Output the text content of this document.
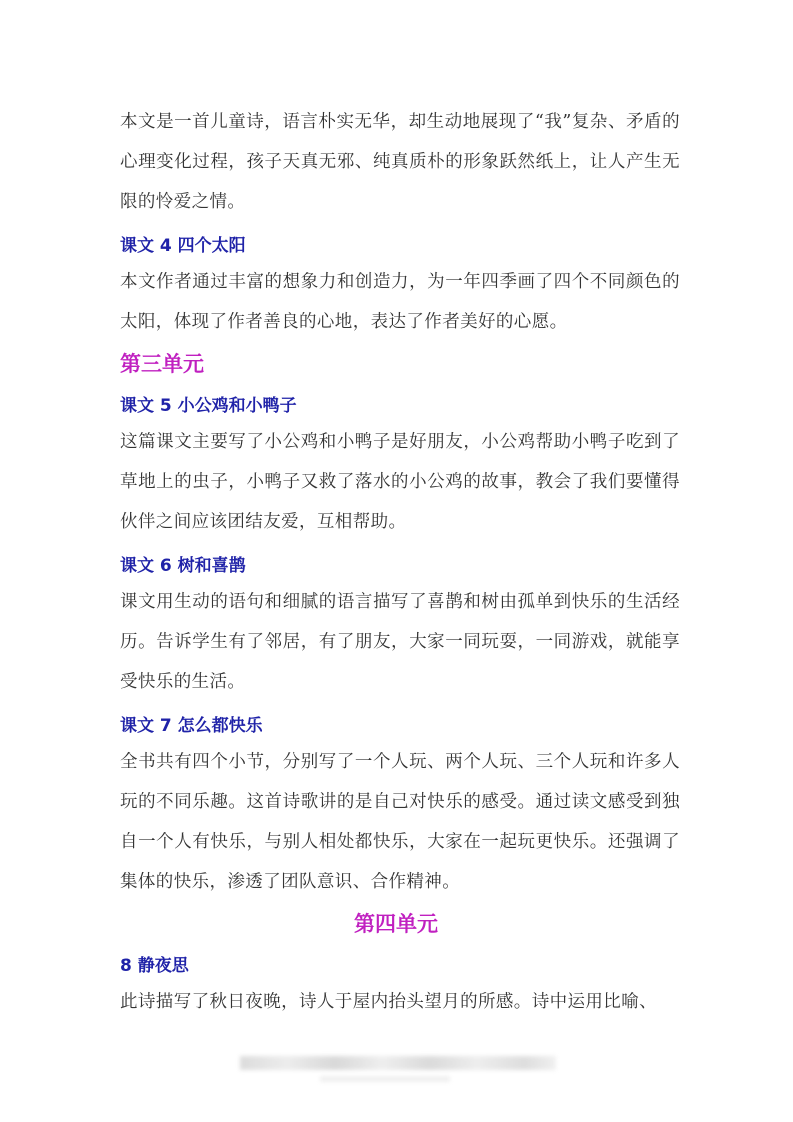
本文是一首儿童诗，语言朴实无华，却生动地展现了“我”复杂、矛盾的心理变化过程，孩子天真无邪、纯真质朴的形象跃然纸上，让人产生无限的怜爱之情。
课文 4 四个太阳
本文作者通过丰富的想象力和创造力，为一年四季画了四个不同颜色的太阳，体现了作者善良的心地，表达了作者美好的心愿。
第三单元
课文 5 小公鸡和小鸭子
这篇课文主要写了小公鸡和小鸭子是好朋友，小公鸡帮助小鸭子吃到了草地上的虫子，小鸭子又救了落水的小公鸡的故事，教会了我们要懂得伙伴之间应该团结友爱，互相帮助。
课文 6 树和喜鹊
课文用生动的语句和细腻的语言描写了喜鹊和树由孤单到快乐的生活经历。告诉学生有了邻居，有了朋友，大家一同玩耍，一同游戏，就能享受快乐的生活。
课文 7 怎么都快乐
全书共有四个小节，分别写了一个人玩、两个人玩、三个人玩和许多人玩的不同乐趣。这首诗歌讲的是自己对快乐的感受。通过读文感受到独自一个人有快乐，与别人相处都快乐，大家在一起玩更快乐。还强调了集体的快乐，渗透了团队意识、合作精神。
第四单元
8 静夜思
此诗描写了秋日夜晚，诗人于屋内抬头望月的所感。诗中运用比喻、
